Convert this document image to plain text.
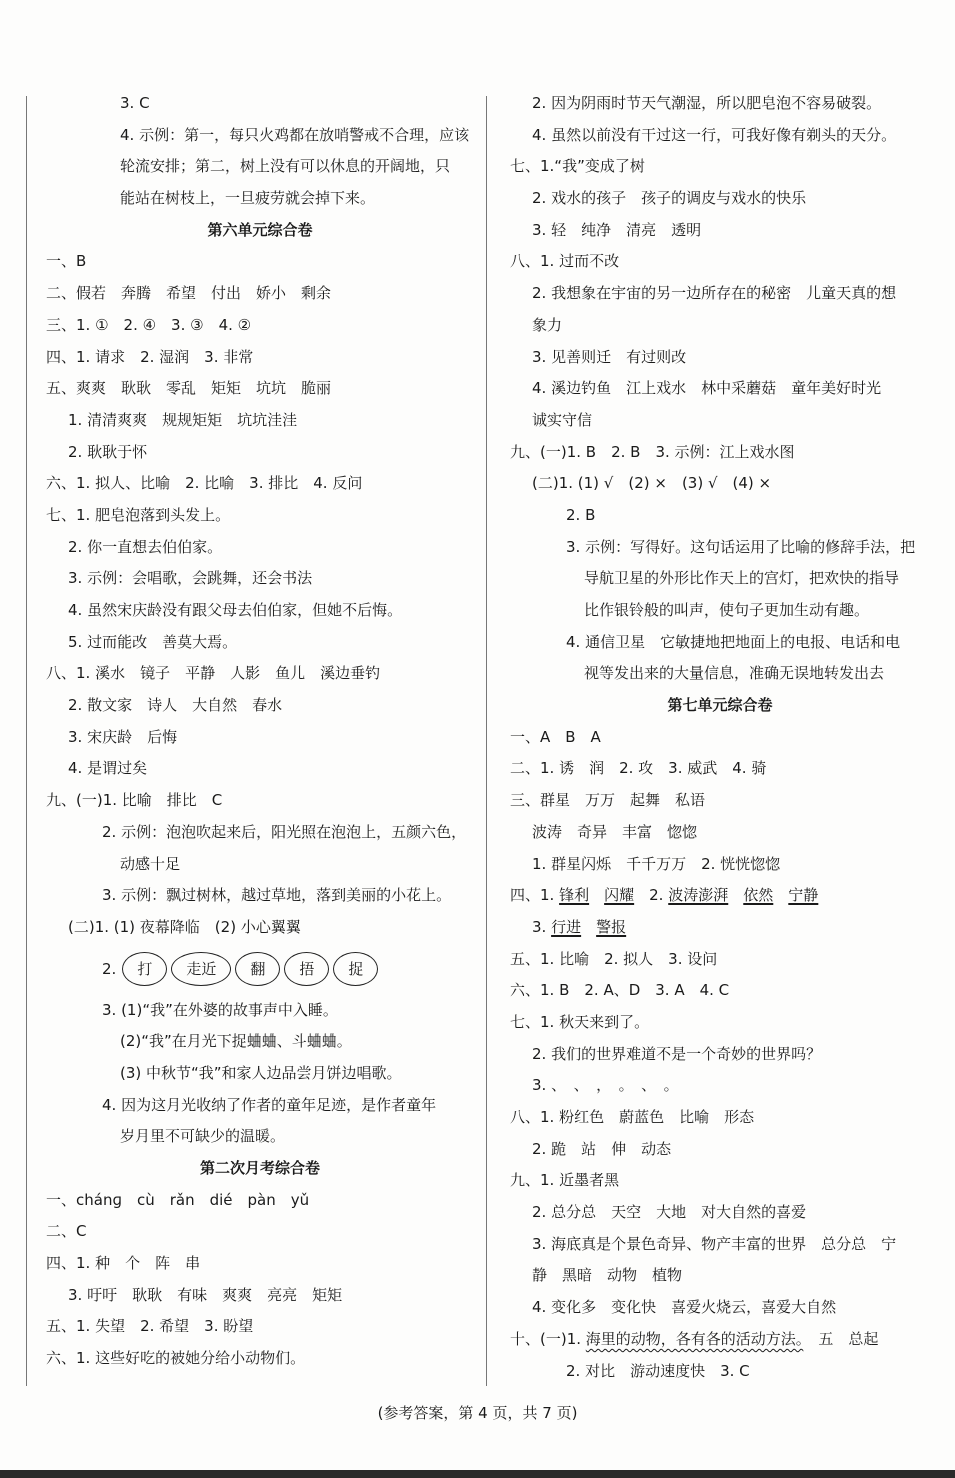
3. C
4. 示例：第一，每只火鸡都在放哨警戒不合理，应该
轮流安排；第二，树上没有可以休息的开阔地，只
能站在树枝上，一旦疲劳就会掉下来。
第六单元综合卷
一、B
二、假若　奔腾　希望　付出　娇小　剩余
三、1. ①　2. ④　3. ③　4. ②
四、1. 请求　2. 湿润　3. 非常
五、爽爽　耿耿　零乱　矩矩　坑坑　脆丽
1. 清清爽爽　规规矩矩　坑坑洼洼
2. 耿耿于怀
六、1. 拟人、比喻　2. 比喻　3. 排比　4. 反问
七、1. 肥皂泡落到头发上。
2. 你一直想去伯伯家。
3. 示例：会唱歌，会跳舞，还会书法
4. 虽然宋庆龄没有跟父母去伯伯家，但她不后悔。
5. 过而能改　善莫大焉。
八、1. 溪水　镜子　平静　人影　鱼儿　溪边垂钓
2. 散文家　诗人　大自然　春水
3. 宋庆龄　后悔
4. 是谓过矣
九、(一)1. 比喻　排比　C
2. 示例：泡泡吹起来后，阳光照在泡泡上，五颜六色，
动感十足
3. 示例：飘过树林，越过草地，落到美丽的小花上。
(二)1. (1) 夜幕降临　(2) 小心翼翼
2. 打 走近 翻 捂 捉
3. (1)“我”在外婆的故事声中入睡。
(2)“我”在月光下捉蛐蛐、斗蛐蛐。
(3) 中秋节“我”和家人边品尝月饼边唱歌。
4. 因为这月光收纳了作者的童年足迹，是作者童年
岁月里不可缺少的温暖。
第二次月考综合卷
一、chánɡ　cù　rǎn　dié　pàn　yǔ
二、C
四、1. 种　个　阵　串
3. 吁吁　耿耿　有味　爽爽　亮亮　矩矩
五、1. 失望　2. 希望　3. 盼望
六、1. 这些好吃的被她分给小动物们。
2. 因为阴雨时节天气潮湿，所以肥皂泡不容易破裂。
4. 虽然以前没有干过这一行，可我好像有剃头的天分。
七、1.“我”变成了树
2. 戏水的孩子　孩子的调皮与戏水的快乐
3. 轻　纯净　清亮　透明
八、1. 过而不改
2. 我想象在宇宙的另一边所存在的秘密　儿童天真的想
象力
3. 见善则迁　有过则改
4. 溪边钓鱼　江上戏水　林中采蘑菇　童年美好时光
诚实守信
九、(一)1. B　2. B　3. 示例：江上戏水图
(二)1. (1) √　(2) ×　(3) √　(4) ×
2. B
3. 示例：写得好。这句话运用了比喻的修辞手法，把
导航卫星的外形比作天上的宫灯，把欢快的指导
比作银铃般的叫声，使句子更加生动有趣。
4. 通信卫星　它敏捷地把地面上的电报、电话和电
视等发出来的大量信息，准确无误地转发出去
第七单元综合卷
一、A　B　A
二、1. 诱　润　2. 攻　3. 威武　4. 骑
三、群星　万万　起舞　私语
波涛　奇异　丰富　惚惚
1. 群星闪烁　千千万万　2. 恍恍惚惚
四、1. 锋利　 闪耀　2. 波涛澎湃　 依然　 宁静
3. 行进　 警报
五、1. 比喻　2. 拟人　3. 设问
六、1. B　2. A、D　3. A　4. C
七、1. 秋天来到了。
2. 我们的世界难道不是一个奇妙的世界吗？
3. 、　、　，　。　、　。
八、1. 粉红色　蔚蓝色　比喻　形态
2. 跪　站　伸　动态
九、1. 近墨者黑
2. 总分总　天空　大地　对大自然的喜爱
3. 海底真是个景色奇异、物产丰富的世界　总分总　宁
静　黑暗　动物　植物
4. 变化多　变化快　喜爱火烧云，喜爱大自然
十、(一)1. 海里的动物，各有各的活动方法。　五　总起
2. 对比　游动速度快　3. C
(参考答案，第 4 页，共 7 页)
